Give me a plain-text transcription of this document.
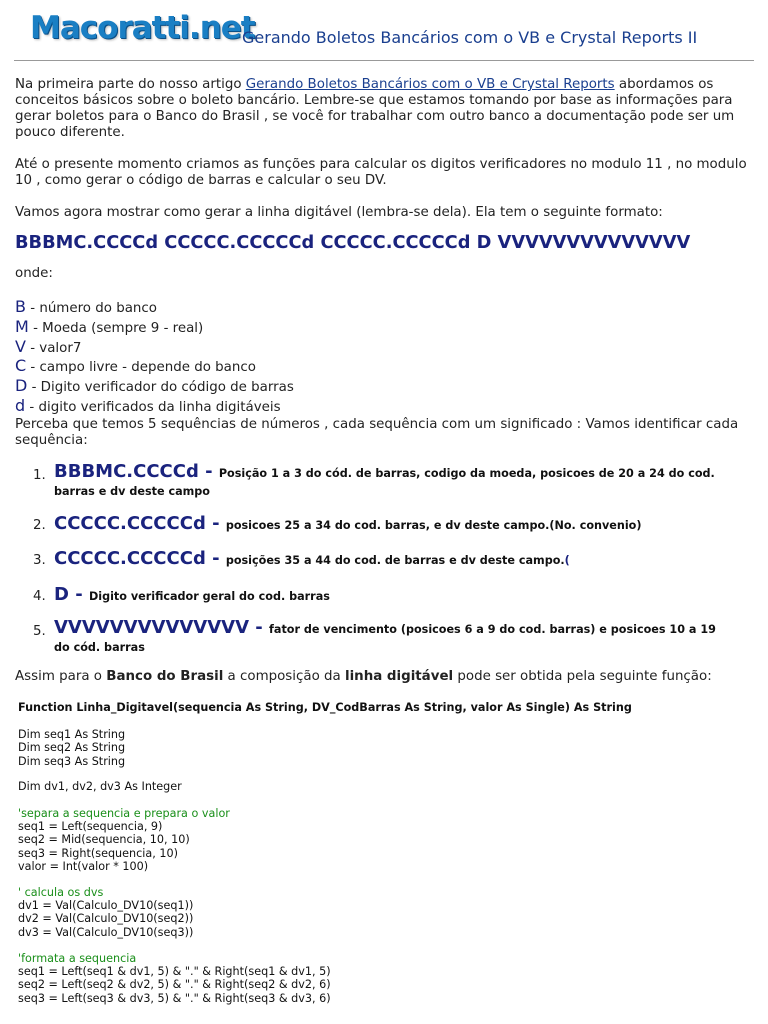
Macoratti.net
Gerando Boletos Bancários com o VB e Crystal Reports II

Na primeira parte do nosso artigo Gerando Boletos Bancários com o VB e Crystal Reports abordamos os conceitos básicos sobre o boleto bancário. Lembre-se que estamos tomando por base as informações para gerar boletos para o Banco do Brasil , se você for trabalhar com outro banco a documentação pode ser um pouco diferente.

Até o presente momento criamos as funções para calcular os digitos verificadores no modulo 11 , no modulo 10 , como gerar o código de barras e calcular o seu DV.

Vamos agora mostrar como gerar a linha digitável (lembra-se dela). Ela tem o seguinte formato:

BBBMC.CCCCd CCCCC.CCCCCd CCCCC.CCCCCd D VVVVVVVVVVVVVV
onde:
B - número do banco
M - Moeda (sempre 9 - real)
V - valor7
C - campo livre - depende do banco
D - Digito verificador do código de barras
d - digito verificados da linha digitáveis
Perceba que temos 5 sequências de números , cada sequência com um significado : Vamos identificar cada sequência:
1. BBBMC.CCCCd - Posição 1 a 3 do cód. de barras, codigo da moeda, posicoes de 20 a 24 do cod.
barras e dv deste campo
2. CCCCC.CCCCCd - posicoes 25 a 34 do cod. barras, e dv deste campo.(No. convenio)
3. CCCCC.CCCCCd - posições 35 a 44 do cod. de barras e dv deste campo.(
4. D - Digito verificador geral do cod. barras
5. VVVVVVVVVVVVVV - fator de vencimento (posicoes 6 a 9 do cod. barras) e posicoes 10 a 19
do cód. barras
Assim para o Banco do Brasil a composição da linha digitável pode ser obtida pela seguinte função:
Function Linha_Digitavel(sequencia As String, DV_CodBarras As String, valor As Single) As String
Dim seq1 As String
Dim seq2 As String
Dim seq3 As String
Dim dv1, dv2, dv3 As Integer
'separa a sequencia e prepara o valor
seq1 = Left(sequencia, 9)
seq2 = Mid(sequencia, 10, 10)
seq3 = Right(sequencia, 10)
valor = Int(valor * 100)
' calcula os dvs
dv1 = Val(Calculo_DV10(seq1))
dv2 = Val(Calculo_DV10(seq2))
dv3 = Val(Calculo_DV10(seq3))
'formata a sequencia
seq1 = Left(seq1 & dv1, 5) & "." & Right(seq1 & dv1, 5)
seq2 = Left(seq2 & dv2, 5) & "." & Right(seq2 & dv2, 6)
seq3 = Left(seq3 & dv3, 5) & "." & Right(seq3 & dv3, 6)
